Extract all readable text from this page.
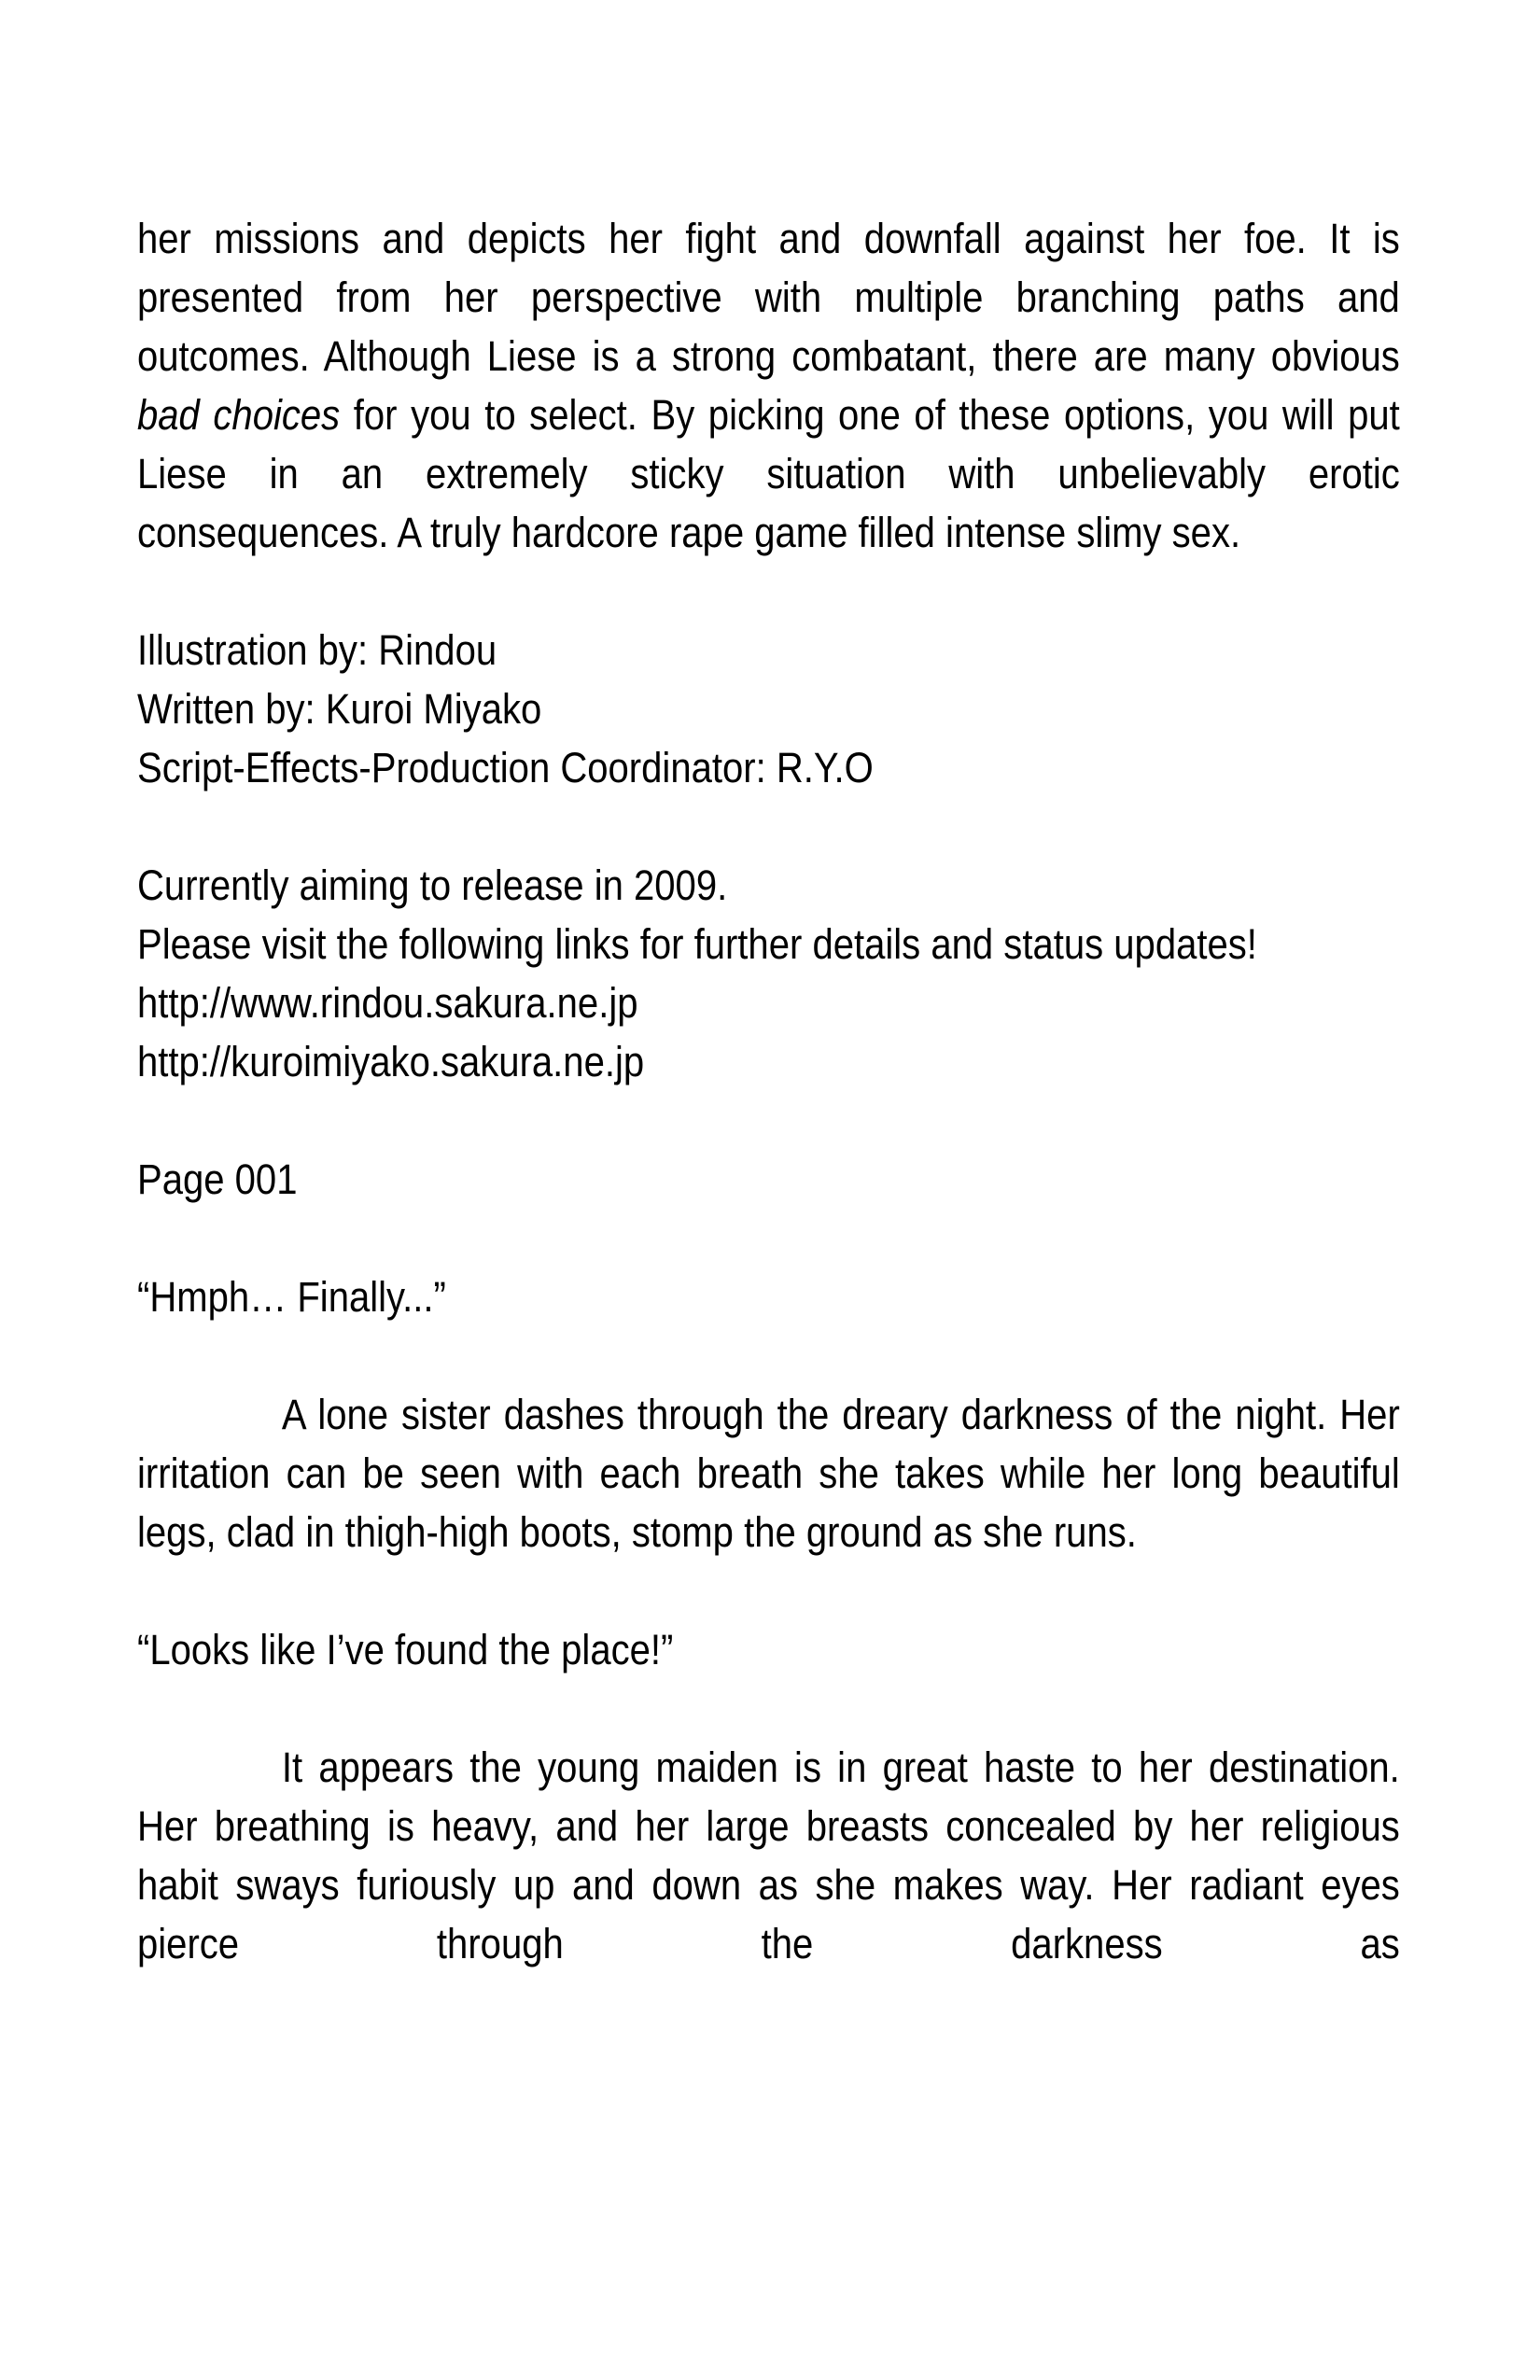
her missions and depicts her fight and downfall against her foe. It is presented from her perspective with multiple branching paths and outcomes. Although Liese is a strong combatant, there are many obvious bad choices for you to select. By picking one of these options, you will put Liese in an extremely sticky situation with unbelievably erotic consequences. A truly hardcore rape game filled intense slimy sex.

Illustration by: Rindou
Written by: Kuroi Miyako
Script-Effects-Production Coordinator: R.Y.O
Currently aiming to release in 2009.
Please visit the following links for further details and status updates!
http://www.rindou.sakura.ne.jp
http://kuroimiyako.sakura.ne.jp

Page 001

“Hmph… Finally...”

A lone sister dashes through the dreary darkness of the night. Her irritation can be seen with each breath she takes while her long beautiful legs, clad in thigh-high boots, stomp the ground as she runs.

“Looks like I’ve found the place!”

It appears the young maiden is in great haste to her destination. Her breathing is heavy, and her large breasts concealed by her religious habit sways furiously up and down as she makes way. Her radiant eyes pierce through the darkness as
